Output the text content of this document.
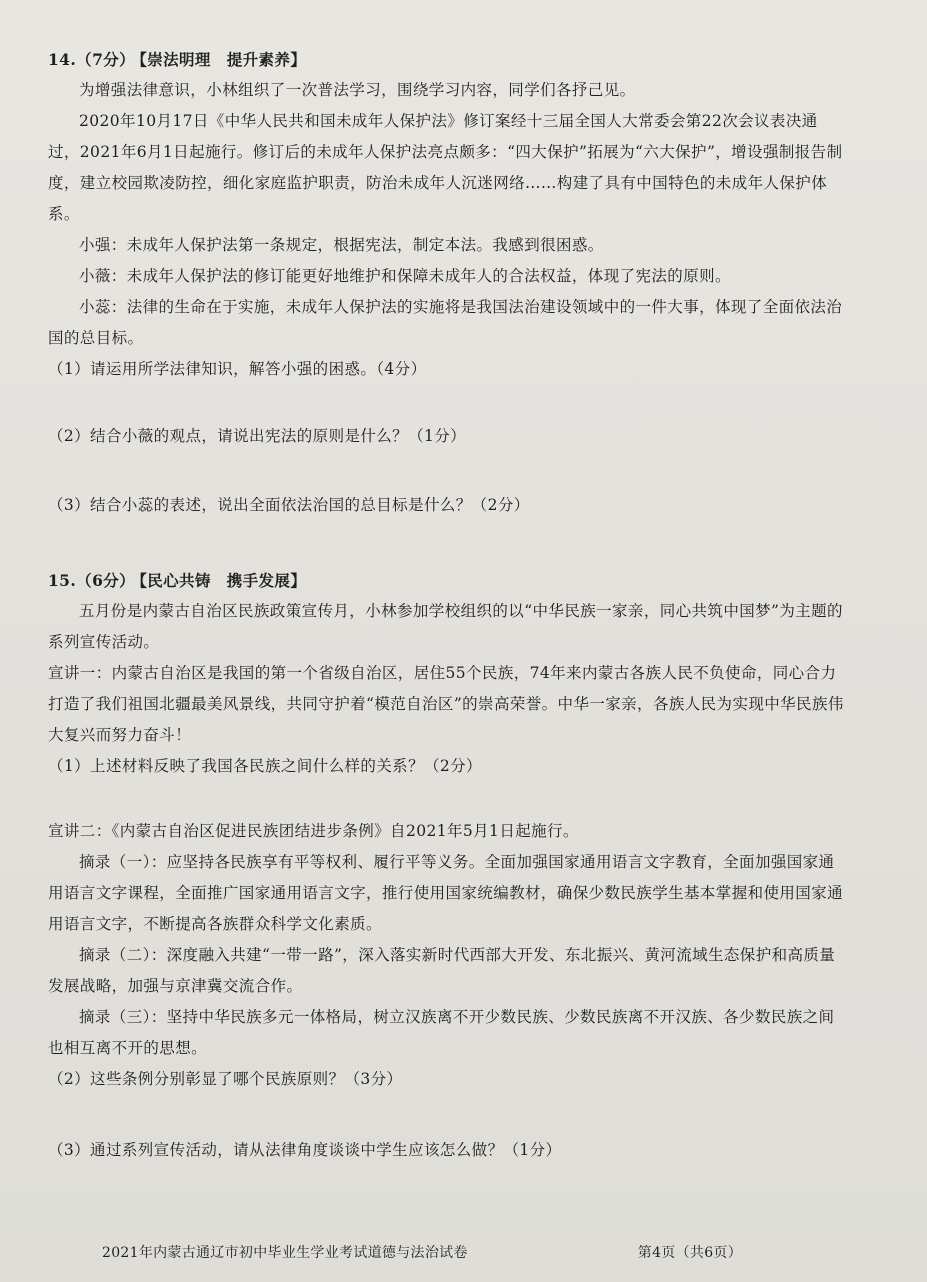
14.（7分） 【崇法明理　提升素养】

为增强法律意识，小林组织了一次普法学习，围绕学习内容，同学们各抒己见。

2020年10月17日《中华人民共和国未成年人保护法》修订案经十三届全国人大常委会第22次会议表决通过，2021年6月1日起施行。修订后的未成年人保护法亮点颇多：“四大保护”拓展为“六大保护”，增设强制报告制度，建立校园欺凌防控，细化家庭监护职责，防治未成年人沉迷网络……构建了具有中国特色的未成年人保护体系。

小强：未成年人保护法第一条规定，根据宪法，制定本法。我感到很困惑。

小薇：未成年人保护法的修订能更好地维护和保障未成年人的合法权益，体现了宪法的原则。

小蕊：法律的生命在于实施，未成年人保护法的实施将是我国法治建设领域中的一件大事，体现了全面依法治国的总目标。

（1）请运用所学法律知识，解答小强的困惑。（4分）

（2）结合小薇的观点，请说出宪法的原则是什么？（1分）

（3）结合小蕊的表述，说出全面依法治国的总目标是什么？（2分）

15.（6分） 【民心共铸　携手发展】

五月份是内蒙古自治区民族政策宣传月，小林参加学校组织的以“中华民族一家亲，同心共筑中国梦”为主题的系列宣传活动。

宣讲一：内蒙古自治区是我国的第一个省级自治区，居住55个民族，74年来内蒙古各族人民不负使命，同心合力打造了我们祖国北疆最美风景线，共同守护着“模范自治区”的崇高荣誉。中华一家亲，各族人民为实现中华民族伟大复兴而努力奋斗！

（1）上述材料反映了我国各民族之间什么样的关系？（2分）

宣讲二：《内蒙古自治区促进民族团结进步条例》自2021年5月1日起施行。

摘录（一）：应坚持各民族享有平等权利、履行平等义务。全面加强国家通用语言文字教育，全面加强国家通用语言文字课程，全面推广国家通用语言文字，推行使用国家统编教材，确保少数民族学生基本掌握和使用国家通用语言文字，不断提高各族群众科学文化素质。

摘录（二）：深度融入共建“一带一路”，深入落实新时代西部大开发、东北振兴、黄河流域生态保护和高质量发展战略，加强与京津冀交流合作。

摘录（三）：坚持中华民族多元一体格局，树立汉族离不开少数民族、少数民族离不开汉族、各少数民族之间也相互离不开的思想。

（2）这些条例分别彰显了哪个民族原则？（3分）

（3）通过系列宣传活动，请从法律角度谈谈中学生应该怎么做？（1分）

2021年内蒙古通辽市初中毕业生学业考试道德与法治试卷	第4页（共6页）
